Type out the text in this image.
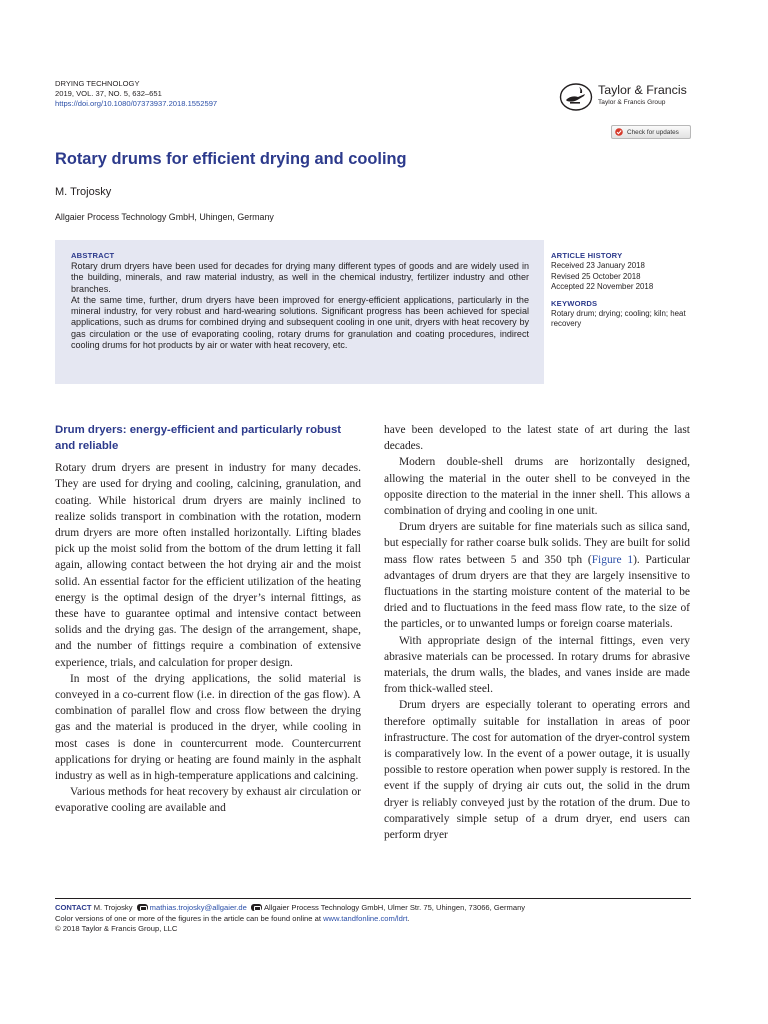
DRYING TECHNOLOGY
2019, VOL. 37, NO. 5, 632–651
https://doi.org/10.1080/07373937.2018.1552597
Taylor & Francis
Taylor & Francis Group
Check for updates
Rotary drums for efficient drying and cooling
M. Trojosky
Allgaier Process Technology GmbH, Uhingen, Germany
ABSTRACT

Rotary drum dryers have been used for decades for drying many different types of goods and are widely used in the building, minerals, and raw material industry, as well in the chemical industry, fertilizer industry and other branches.

At the same time, further, drum dryers have been improved for energy-efficient applications, particularly in the mineral industry, for very robust and hard-wearing solutions. Significant progress has been achieved for special applications, such as drums for combined drying and subsequent cooling in one unit, dryers with heat recovery by gas circulation or the use of evaporating cooling, rotary drums for granulation and coating procedures, indirect cooling drums for hot products by air or water with heat recovery, etc.

ARTICLE HISTORY
Received 23 January 2018
Revised 25 October 2018
Accepted 22 November 2018
KEYWORDS
Rotary drum; drying; cooling; kiln; heat recovery
Drum dryers: energy-efficient and particularly robust and reliable

Rotary drum dryers are present in industry for many decades. They are used for drying and cooling, calcining, granulation, and coating. While historical drum dryers are mainly inclined to realize solids transport in combination with the rotation, modern drum dryers are more often installed horizontally. Lifting blades pick up the moist solid from the bottom of the drum letting it fall again, allowing contact between the hot drying air and the moist solid. An essential factor for the efficient utilization of the heating energy is the optimal design of the dryer’s internal fittings, as these have to guarantee optimal and intensive contact between solids and the drying gas. The design of the arrangement, shape, and the number of fittings require a combination of extensive experience, trials, and calculation for proper design.

In most of the drying applications, the solid material is conveyed in a co-current flow (i.e. in direction of the gas flow). A combination of parallel flow and cross flow between the drying gas and the material is produced in the dryer, while cooling in most cases is done in countercurrent mode. Countercurrent applications for drying or heating are found mainly in the asphalt industry as well as in high-temperature applications and calcining.

Various methods for heat recovery by exhaust air circulation or evaporative cooling are available and

have been developed to the latest state of art during the last decades.

Modern double-shell drums are horizontally designed, allowing the material in the outer shell to be conveyed in the opposite direction to the material in the inner shell. This allows a combination of drying and cooling in one unit.

Drum dryers are suitable for fine materials such as silica sand, but especially for rather coarse bulk solids. They are built for solid mass flow rates between 5 and 350 tph (Figure 1). Particular advantages of drum dryers are that they are largely insensitive to fluctuations in the starting moisture content of the material to be dried and to fluctuations in the feed mass flow rate, to the size of the particles, or to unwanted lumps or foreign coarse materials.

With appropriate design of the internal fittings, even very abrasive materials can be processed. In rotary drums for abrasive materials, the drum walls, the blades, and vanes inside are made from thick-walled steel.

Drum dryers are especially tolerant to operating errors and therefore optimally suitable for installation in areas of poor infrastructure. The cost for automation of the dryer-control system is comparatively low. In the event of a power outage, it is usually possible to restore operation when power supply is restored. In the event if the supply of drying air cuts out, the solid in the drum dryer is reliably conveyed just by the rotation of the drum. Due to comparatively simple setup of a drum dryer, end users can perform dryer

CONTACT M. Trojosky mathias.trojosky@allgaier.de Allgaier Process Technology GmbH, Ulmer Str. 75, Uhingen, 73066, Germany
Color versions of one or more of the figures in the article can be found online at www.tandfonline.com/ldrt.
© 2018 Taylor & Francis Group, LLC
